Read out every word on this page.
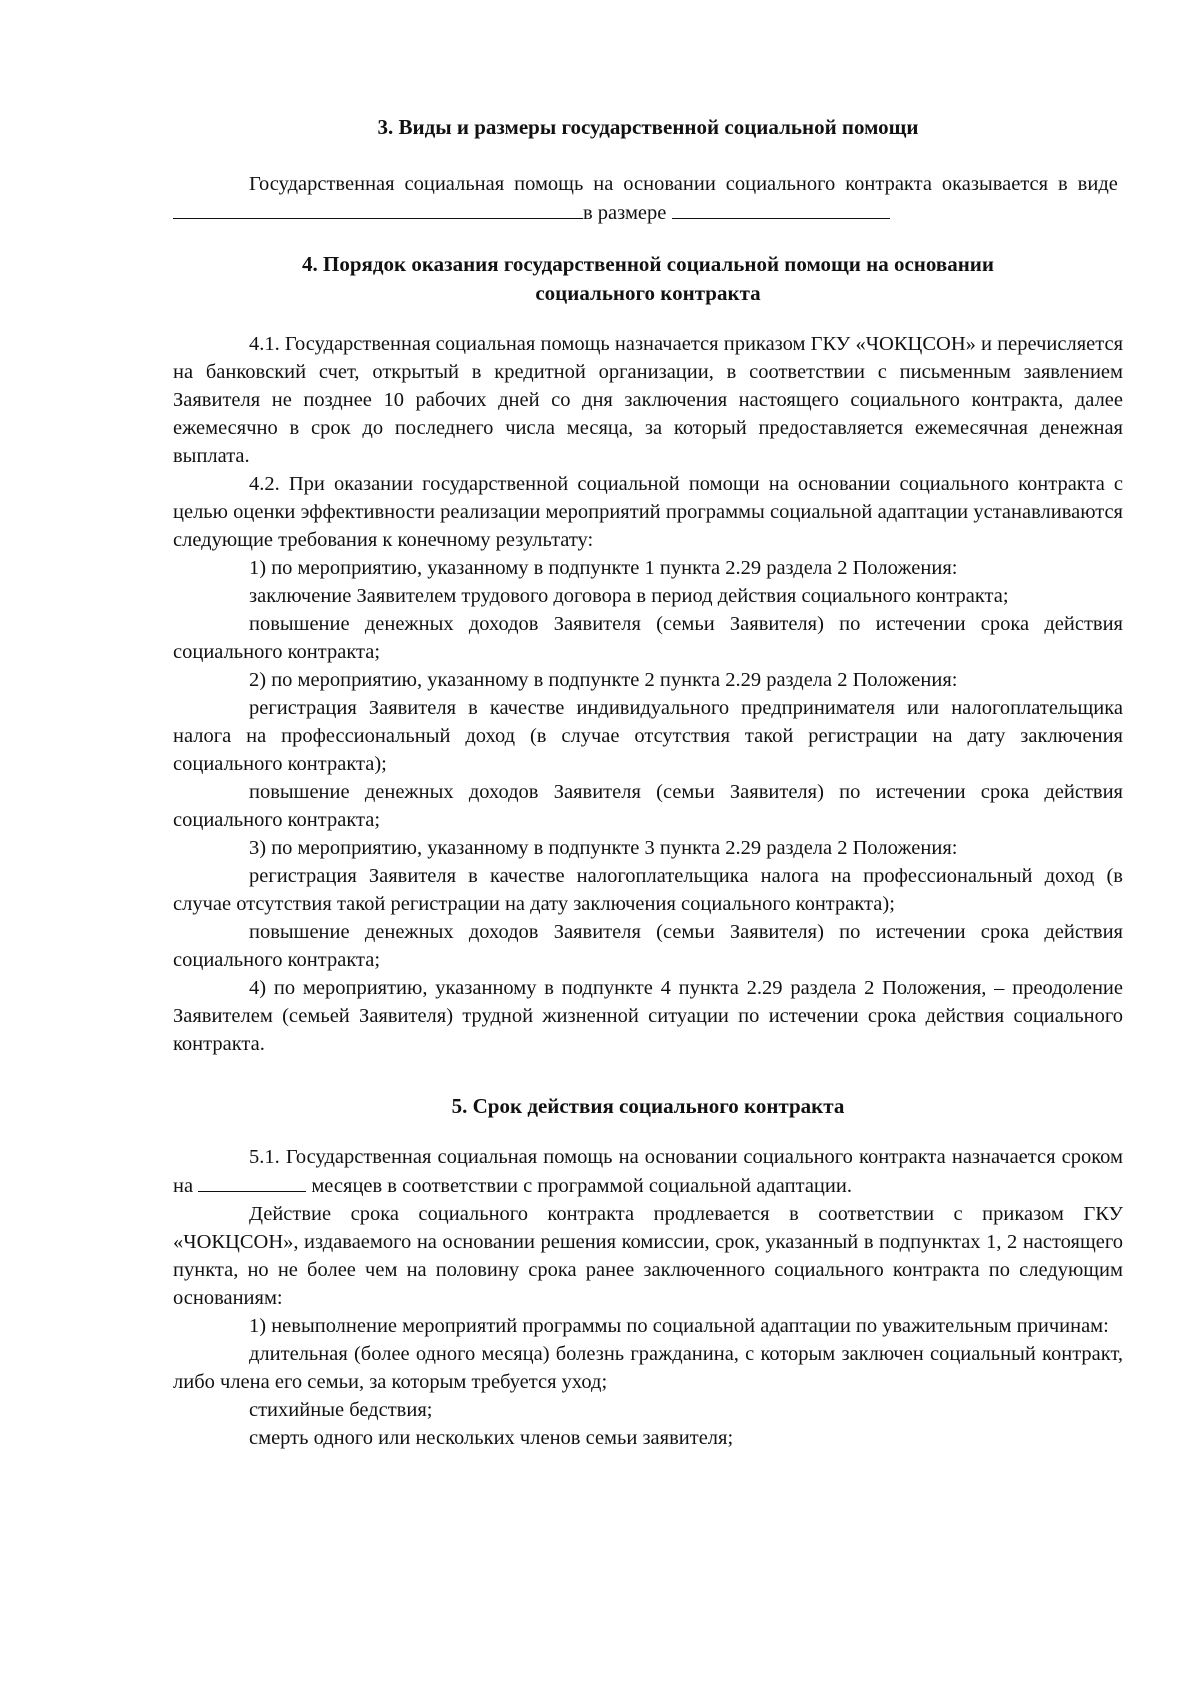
3. Виды и размеры государственной социальной помощи

Государственная социальная помощь на основании социального контракта оказывается в виде в размере

4. Порядок оказания государственной социальной помощи на основании

социального контракта

4.1. Государственная социальная помощь назначается приказом ГКУ «ЧОКЦСОН» и перечисляется на банковский счет, открытый в кредитной организации, в соответствии с письменным заявлением Заявителя не позднее 10 рабочих дней со дня заключения настоящего социального контракта, далее ежемесячно в срок до последнего числа месяца, за который предоставляется ежемесячная денежная выплата.

4.2. При оказании государственной социальной помощи на основании социального контракта с целью оценки эффективности реализации мероприятий программы социальной адаптации устанавливаются следующие требования к конечному результату:

1) по мероприятию, указанному в подпункте 1 пункта 2.29 раздела 2 Положения:

заключение Заявителем трудового договора в период действия социального контракта;

повышение денежных доходов Заявителя (семьи Заявителя) по истечении срока действия социального контракта;

2) по мероприятию, указанному в подпункте 2 пункта 2.29 раздела 2 Положения:

регистрация Заявителя в качестве индивидуального предпринимателя или налогоплательщика налога на профессиональный доход (в случае отсутствия такой регистрации на дату заключения социального контракта);

повышение денежных доходов Заявителя (семьи Заявителя) по истечении срока действия социального контракта;

3) по мероприятию, указанному в подпункте 3 пункта 2.29 раздела 2 Положения:

регистрация Заявителя в качестве налогоплательщика налога на профессиональный доход (в случае отсутствия такой регистрации на дату заключения социального контракта);

повышение денежных доходов Заявителя (семьи Заявителя) по истечении срока действия социального контракта;

4) по мероприятию, указанному в подпункте 4 пункта 2.29 раздела 2 Положения, – преодоление Заявителем (семьей Заявителя) трудной жизненной ситуации по истечении срока действия социального контракта.

5. Срок действия социального контракта

5.1. Государственная социальная помощь на основании социального контракта назначается сроком на	месяцев в соответствии с программой социальной адаптации.

Действие срока социального контракта продлевается в соответствии с приказом ГКУ «ЧОКЦСОН», издаваемого на основании решения комиссии, срок, указанный в подпунктах 1, 2 настоящего пункта, но не более чем на половину срока ранее заключенного социального контракта по следующим основаниям:

1) невыполнение мероприятий программы по социальной адаптации по уважительным причинам:

длительная (более одного месяца) болезнь гражданина, с которым заключен социальный контракт, либо члена его семьи, за которым требуется уход;

стихийные бедствия;

смерть одного или нескольких членов семьи заявителя;
